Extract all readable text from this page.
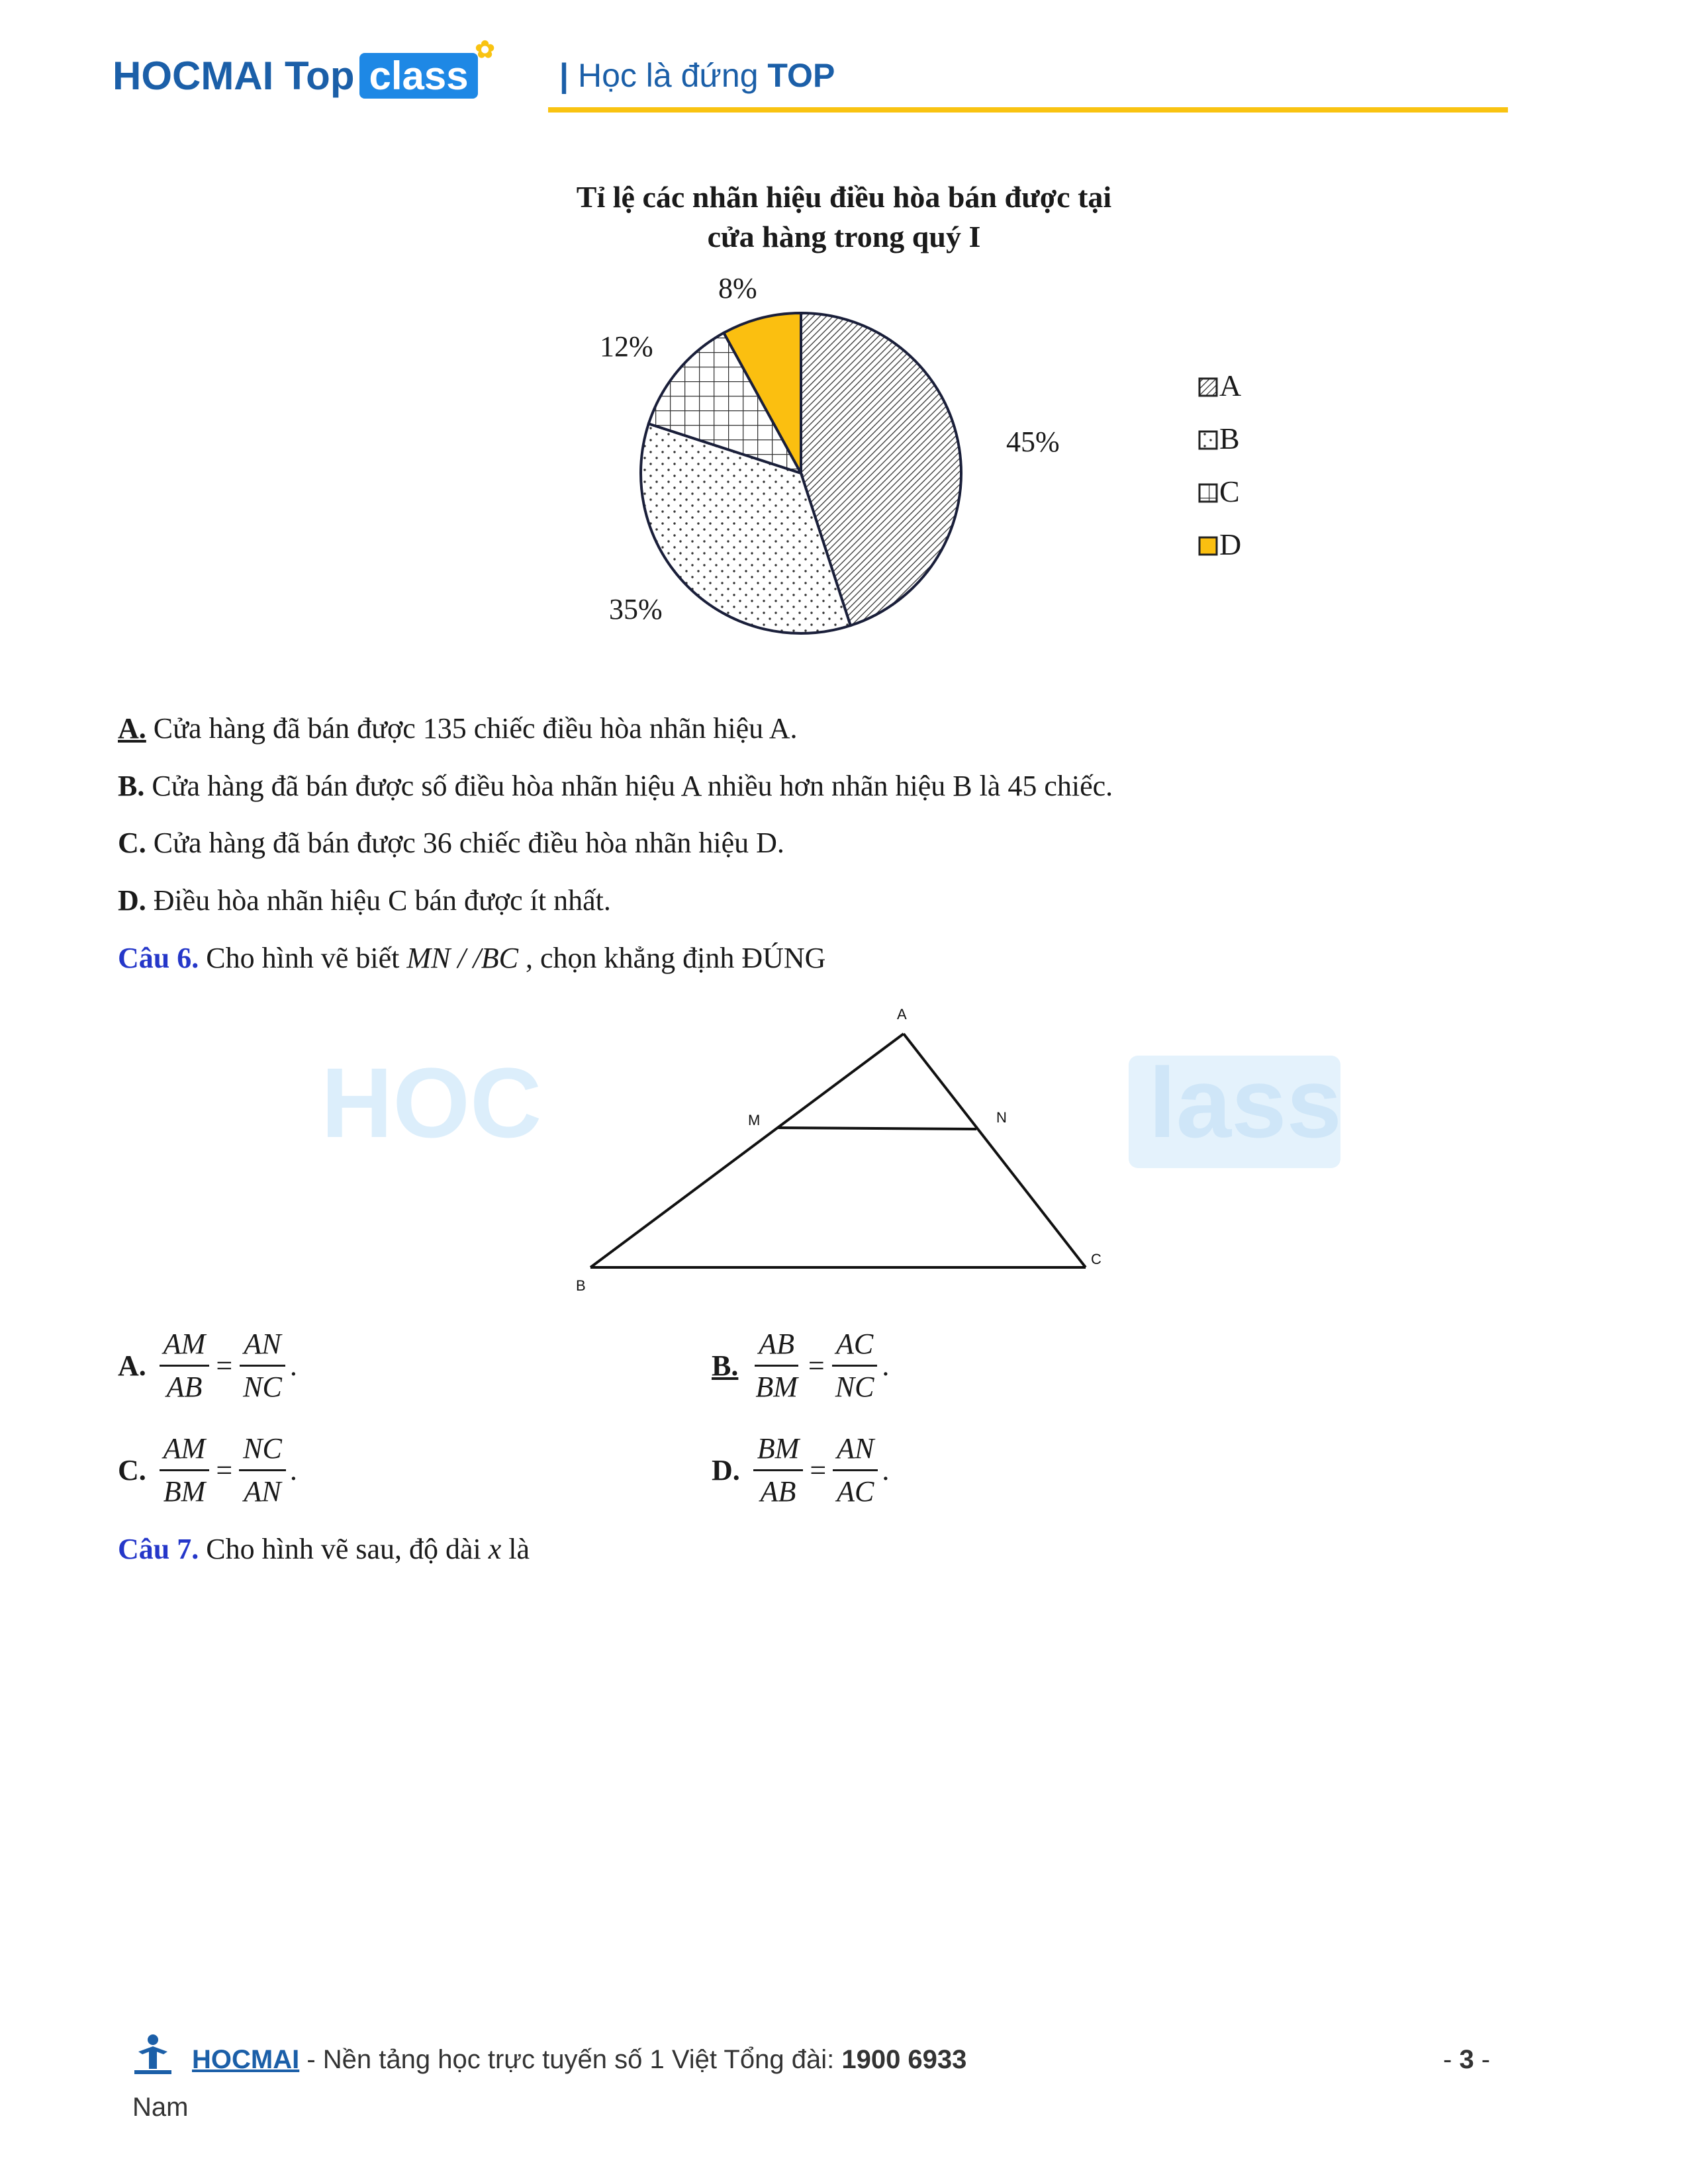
HOCMAI Top class
✿
| Học là đứng TOP
Tỉ lệ các nhãn hiệu điều hòa bán được tại
cửa hàng trong quý I
45%
35%
12%
8%
A
B
C
D
A. Cửa hàng đã bán được 135 chiếc điều hòa nhãn hiệu A.
B. Cửa hàng đã bán được số điều hòa nhãn hiệu A nhiều hơn nhãn hiệu B là 45 chiếc.
C. Cửa hàng đã bán được 36 chiếc điều hòa nhãn hiệu D.
D. Điều hòa nhãn hiệu C bán được ít nhất.
Câu 6. Cho hình vẽ biết MN / /BC , chọn khẳng định ĐÚNG
HOC	lass
A
M	N
B
C
A. $\frac{AM}{AB} = \frac{AN}{NC}$ .	B. $\frac{AB}{BM} = \frac{AC}{NC}$ .
C. $\frac{AM}{BM} = \frac{NC}{AN}$ .	D. $\frac{BM}{AB} = \frac{AN}{AC}$ .
Câu 7. Cho hình vẽ sau, độ dài x là
HOCMAI - Nền tảng học trực tuyến số 1 Việt Tổng đài: 1900 6933
Nam
- 3 -
